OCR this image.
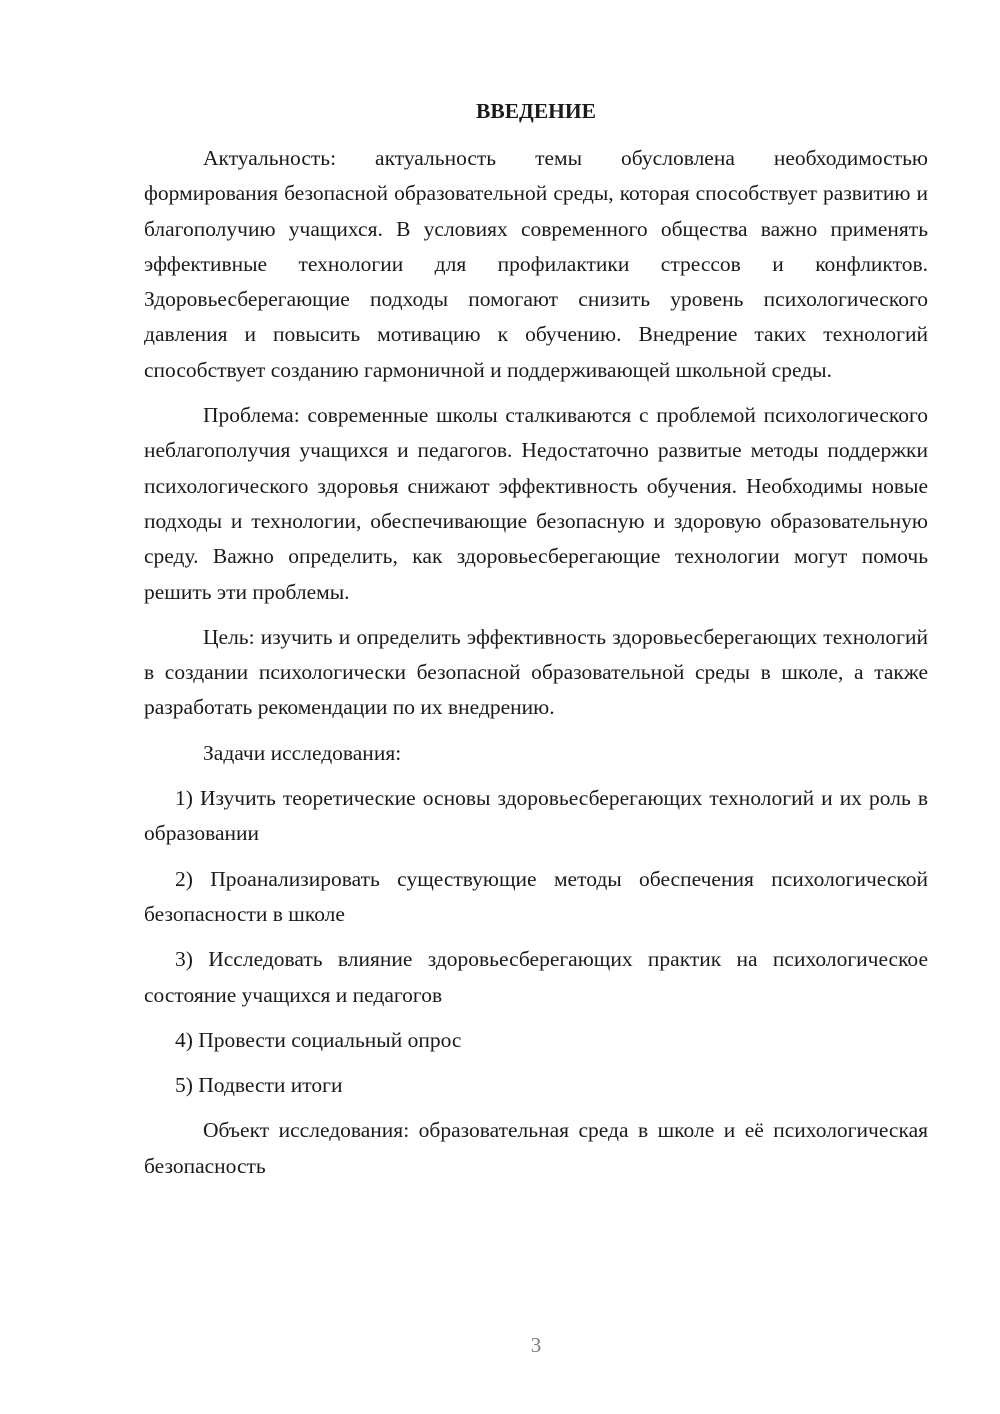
ВВЕДЕНИЕ

Актуальность: актуальность темы обусловлена необходимостью формирования безопасной образовательной среды, которая способствует развитию и благополучию учащихся. В условиях современного общества важно применять эффективные технологии для профилактики стрессов и конфликтов. Здоровьесберегающие подходы помогают снизить уровень психологического давления и повысить мотивацию к обучению. Внедрение таких технологий способствует созданию гармоничной и поддерживающей школьной среды.

Проблема: современные школы сталкиваются с проблемой психологического неблагополучия учащихся и педагогов. Недостаточно развитые методы поддержки психологического здоровья снижают эффективность обучения. Необходимы новые подходы и технологии, обеспечивающие безопасную и здоровую образовательную среду. Важно определить, как здоровьесберегающие технологии могут помочь решить эти проблемы.

Цель: изучить и определить эффективность здоровьесберегающих технологий в создании психологически безопасной образовательной среды в школе, а также разработать рекомендации по их внедрению.

Задачи исследования:

1) Изучить теоретические основы здоровьесберегающих технологий и их роль в образовании

2) Проанализировать существующие методы обеспечения психологической безопасности в школе

3) Исследовать влияние здоровьесберегающих практик на психологическое состояние учащихся и педагогов

4) Провести социальный опрос

5) Подвести итоги

Объект исследования: образовательная среда в школе и её психологическая безопасность

3
